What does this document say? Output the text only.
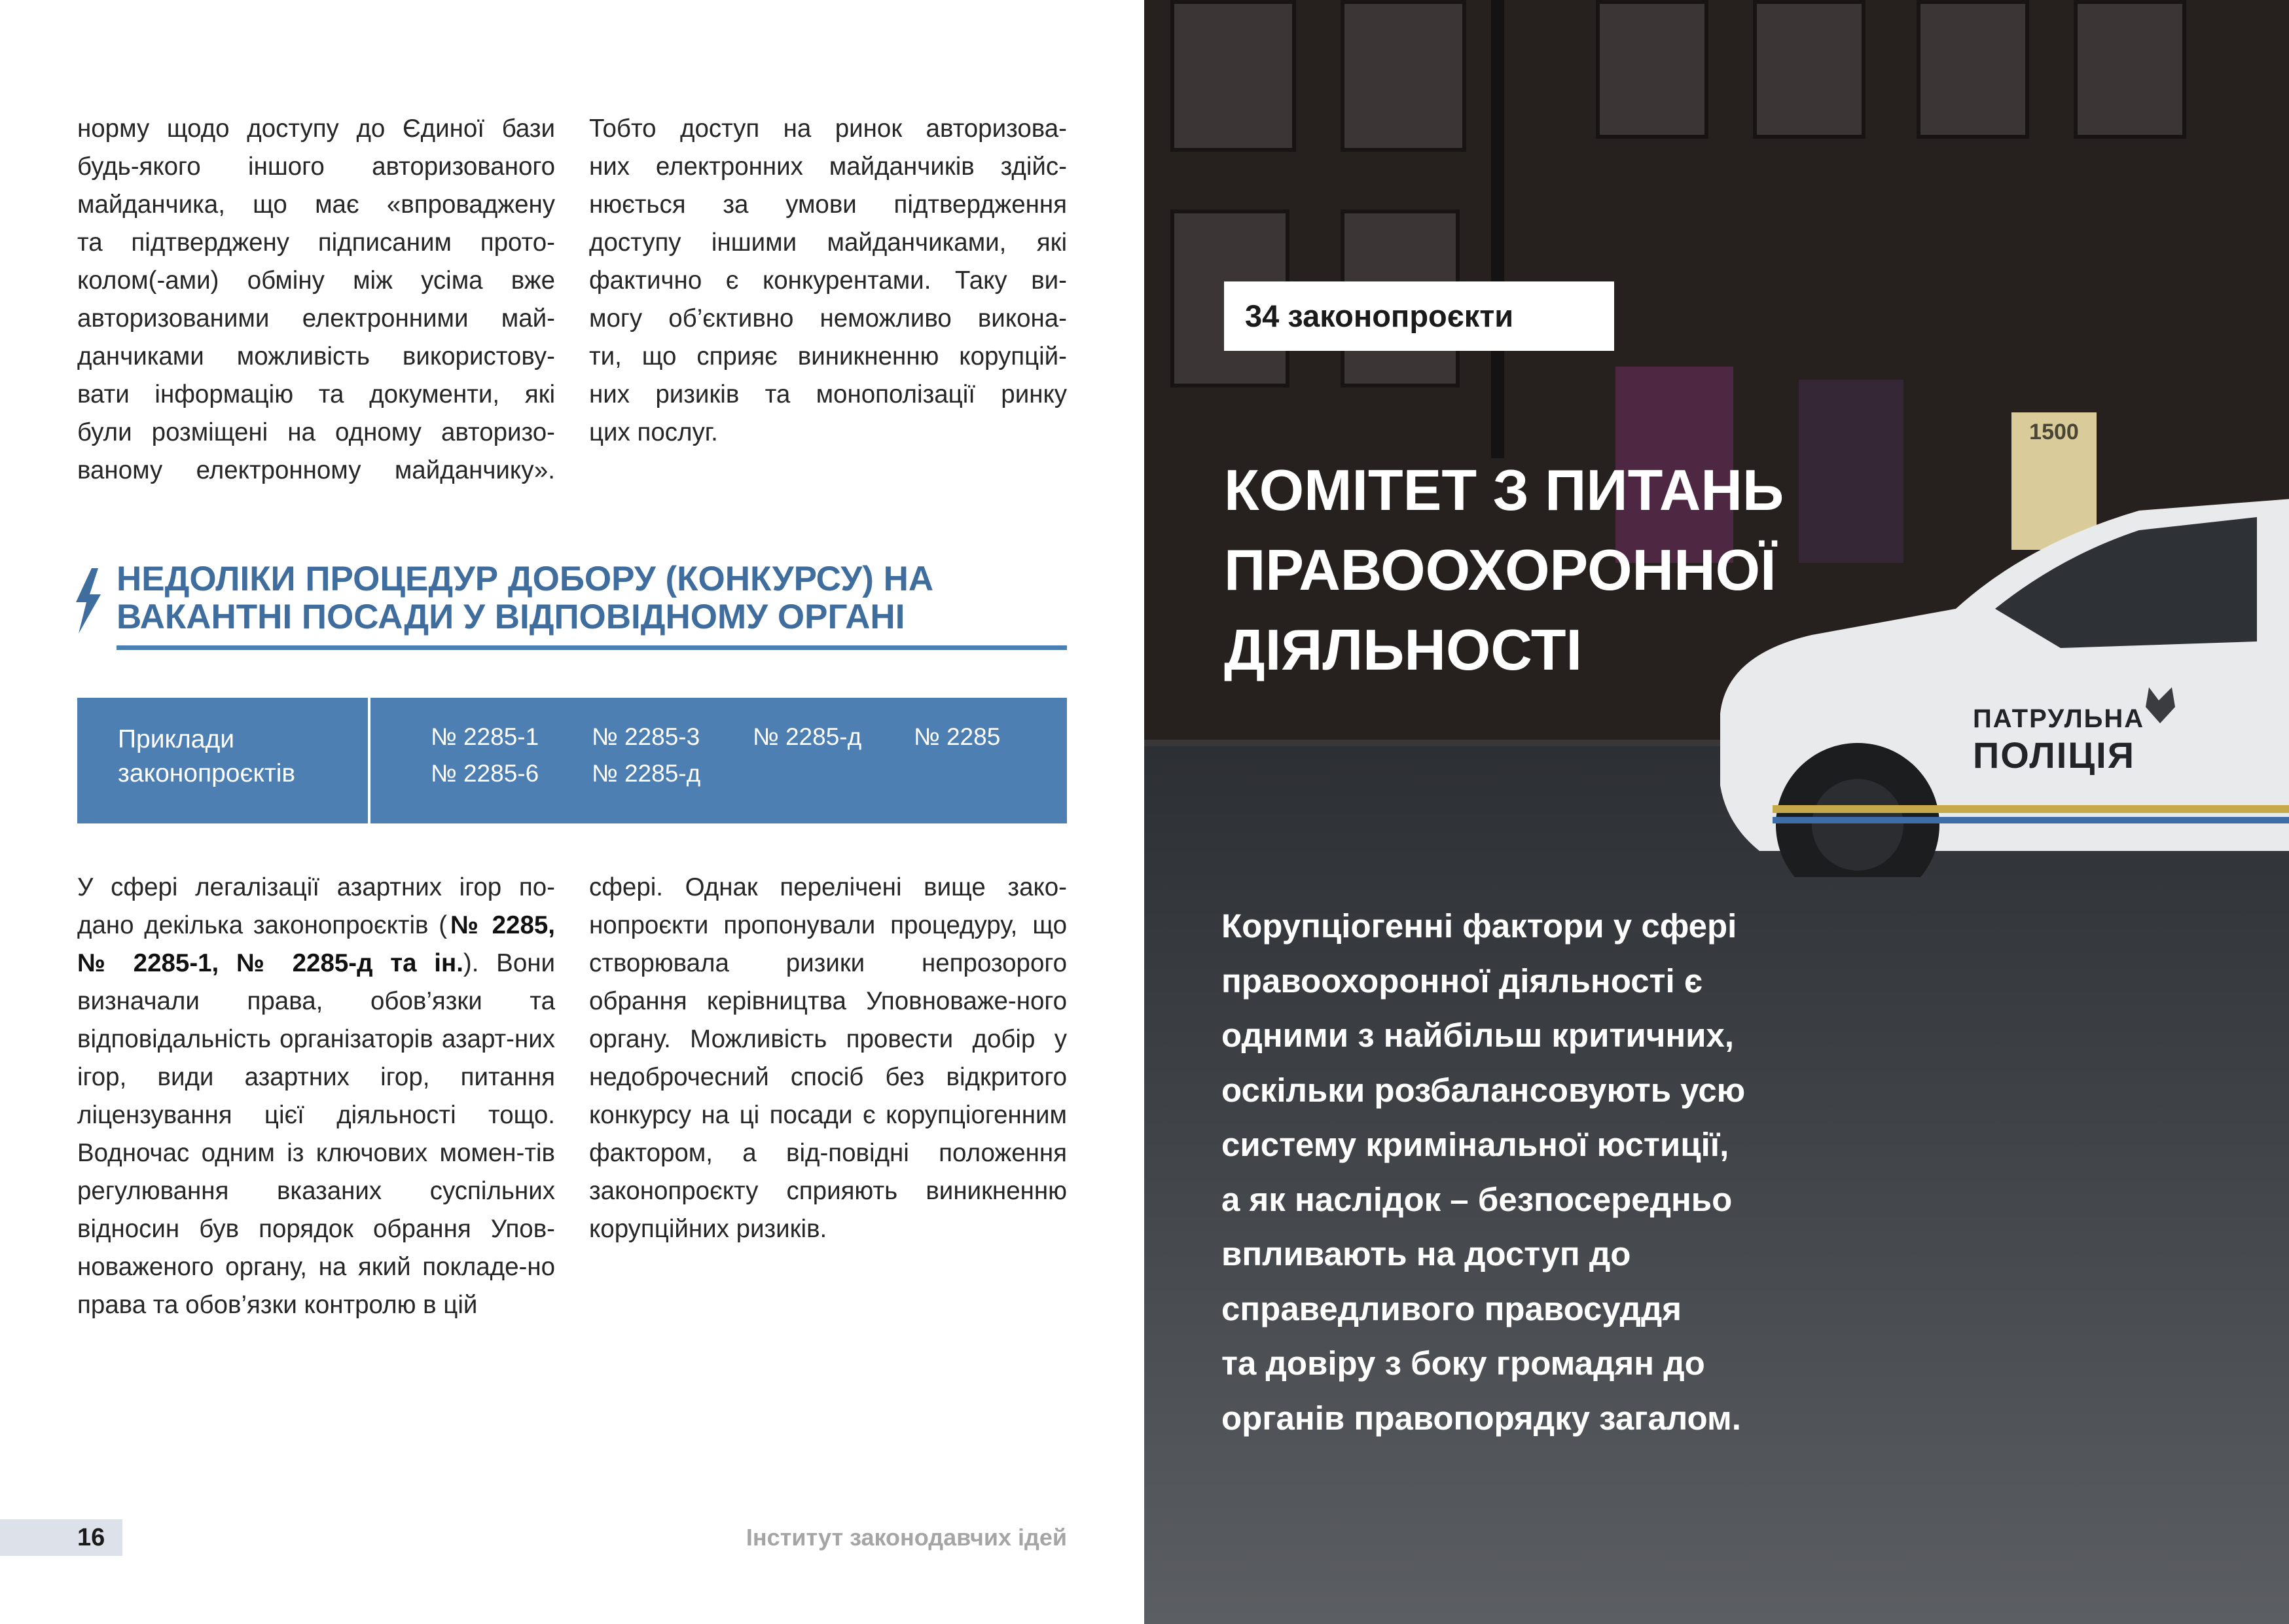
норму щодо доступу до Єдиної бази
будь-якого іншого авторизованого
майданчика, що має «впроваджену
та підтверджену підписаним прото-
колом(-ами) обміну між усіма вже
авторизованими електронними май-
данчиками можливість використову-
вати інформацію та документи, які
були розміщені на одному авторизо-
ваному електронному майданчику».
Тобто доступ на ринок авторизова-
них електронних майданчиків здійс-
нюється за умови підтвердження
доступу іншими майданчиками, які
фактично є конкурентами. Таку ви-
могу об’єктивно неможливо викона-
ти, що сприяє виникненню корупцій-
них ризиків та монополізації ринку
цих послуг.
НЕДОЛІКИ ПРОЦЕДУР ДОБОРУ (КОНКУРСУ) НА
ВАКАНТНІ ПОСАДИ У ВІДПОВІДНОМУ ОРГАНІ
Приклади
законопроєктів
№ 2285-1 № 2285-3 № 2285-д № 2285
№ 2285-6 № 2285-д

У сфері легалізації азартних ігор по-дано декілька законопроєктів (№ 2285, № 2285-1, № 2285-д та ін.). Вони визначали права, обов’язки та відповідальність організаторів азарт-них ігор, види азартних ігор, питання ліцензування цієї діяльності тощо. Водночас одним із ключових момен-тів регулювання вказаних суспільних відносин був порядок обрання Упов-новаженого органу, на який покладе-но права та обов’язки контролю в цій

сфері. Однак перелічені вище зако-нопроєкти пропонували процедуру, що створювала ризики непрозорого обрання керівництва Уповноваже-ного органу. Можливість провести добір у недоброчесний спосіб без відкритого конкурсу на ці посади є корупціогенним фактором, а від-повідні положення законопроєкту сприяють виникненню корупційних ризиків.

16	Інститут законодавчих ідей
1500
ПАТРУЛЬНА
ПОЛІЦІЯ
34 законопроєкти
КОМІТЕТ З ПИТАНЬ
ПРАВООХОРОННОЇ
ДІЯЛЬНОСТІ
Корупціогенні фактори у сфері
правоохоронної діяльності є
одними з найбільш критичних,
оскільки розбалансовують усю
систему кримінальної юстиції,
а як наслідок – безпосередньо
впливають на доступ до
справедливого правосуддя
та довіру з боку громадян до
органів правопорядку загалом.
